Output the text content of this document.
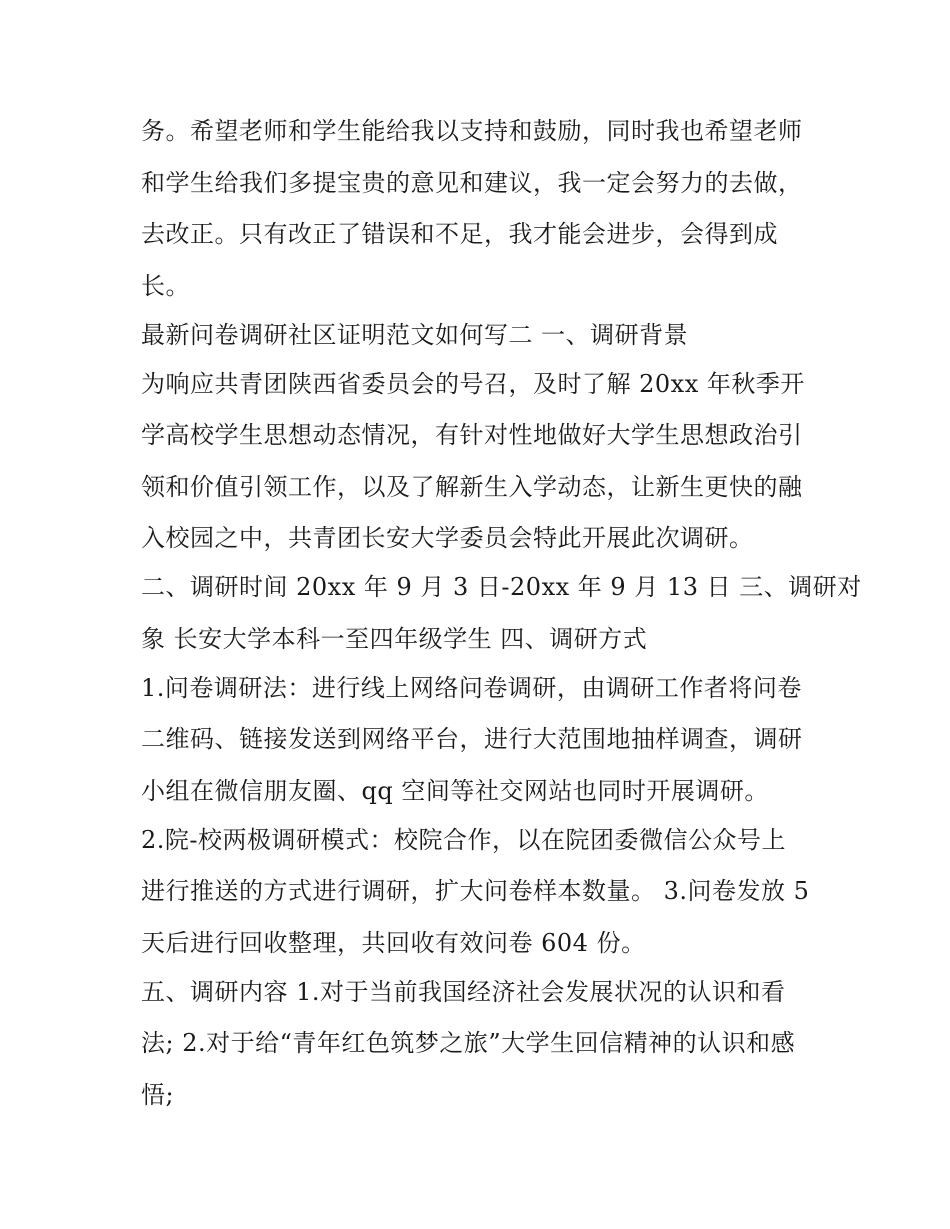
务。希望老师和学生能给我以支持和鼓励，同时我也希望老师
和学生给我们多提宝贵的意见和建议，我一定会努力的去做，
去改正。只有改正了错误和不足，我才能会进步，会得到成
长。
最新问卷调研社区证明范文如何写二 一、调研背景
为响应共青团陕西省委员会的号召，及时了解 20xx 年秋季开
学高校学生思想动态情况，有针对性地做好大学生思想政治引
领和价值引领工作，以及了解新生入学动态，让新生更快的融
入校园之中，共青团长安大学委员会特此开展此次调研。
二、调研时间 20xx 年 9 月 3 日-20xx 年 9 月 13 日 三、调研对
象 长安大学本科一至四年级学生 四、调研方式
1.问卷调研法：进行线上网络问卷调研，由调研工作者将问卷
二维码、链接发送到网络平台，进行大范围地抽样调查，调研
小组在微信朋友圈、qq 空间等社交网站也同时开展调研。
2.院-校两极调研模式：校院合作，以在院团委微信公众号上
进行推送的方式进行调研，扩大问卷样本数量。 3.问卷发放 5
天后进行回收整理，共回收有效问卷 604 份。
五、调研内容 1.对于当前我国经济社会发展状况的认识和看
法; 2.对于给“青年红色筑梦之旅”大学生回信精神的认识和感
悟;
